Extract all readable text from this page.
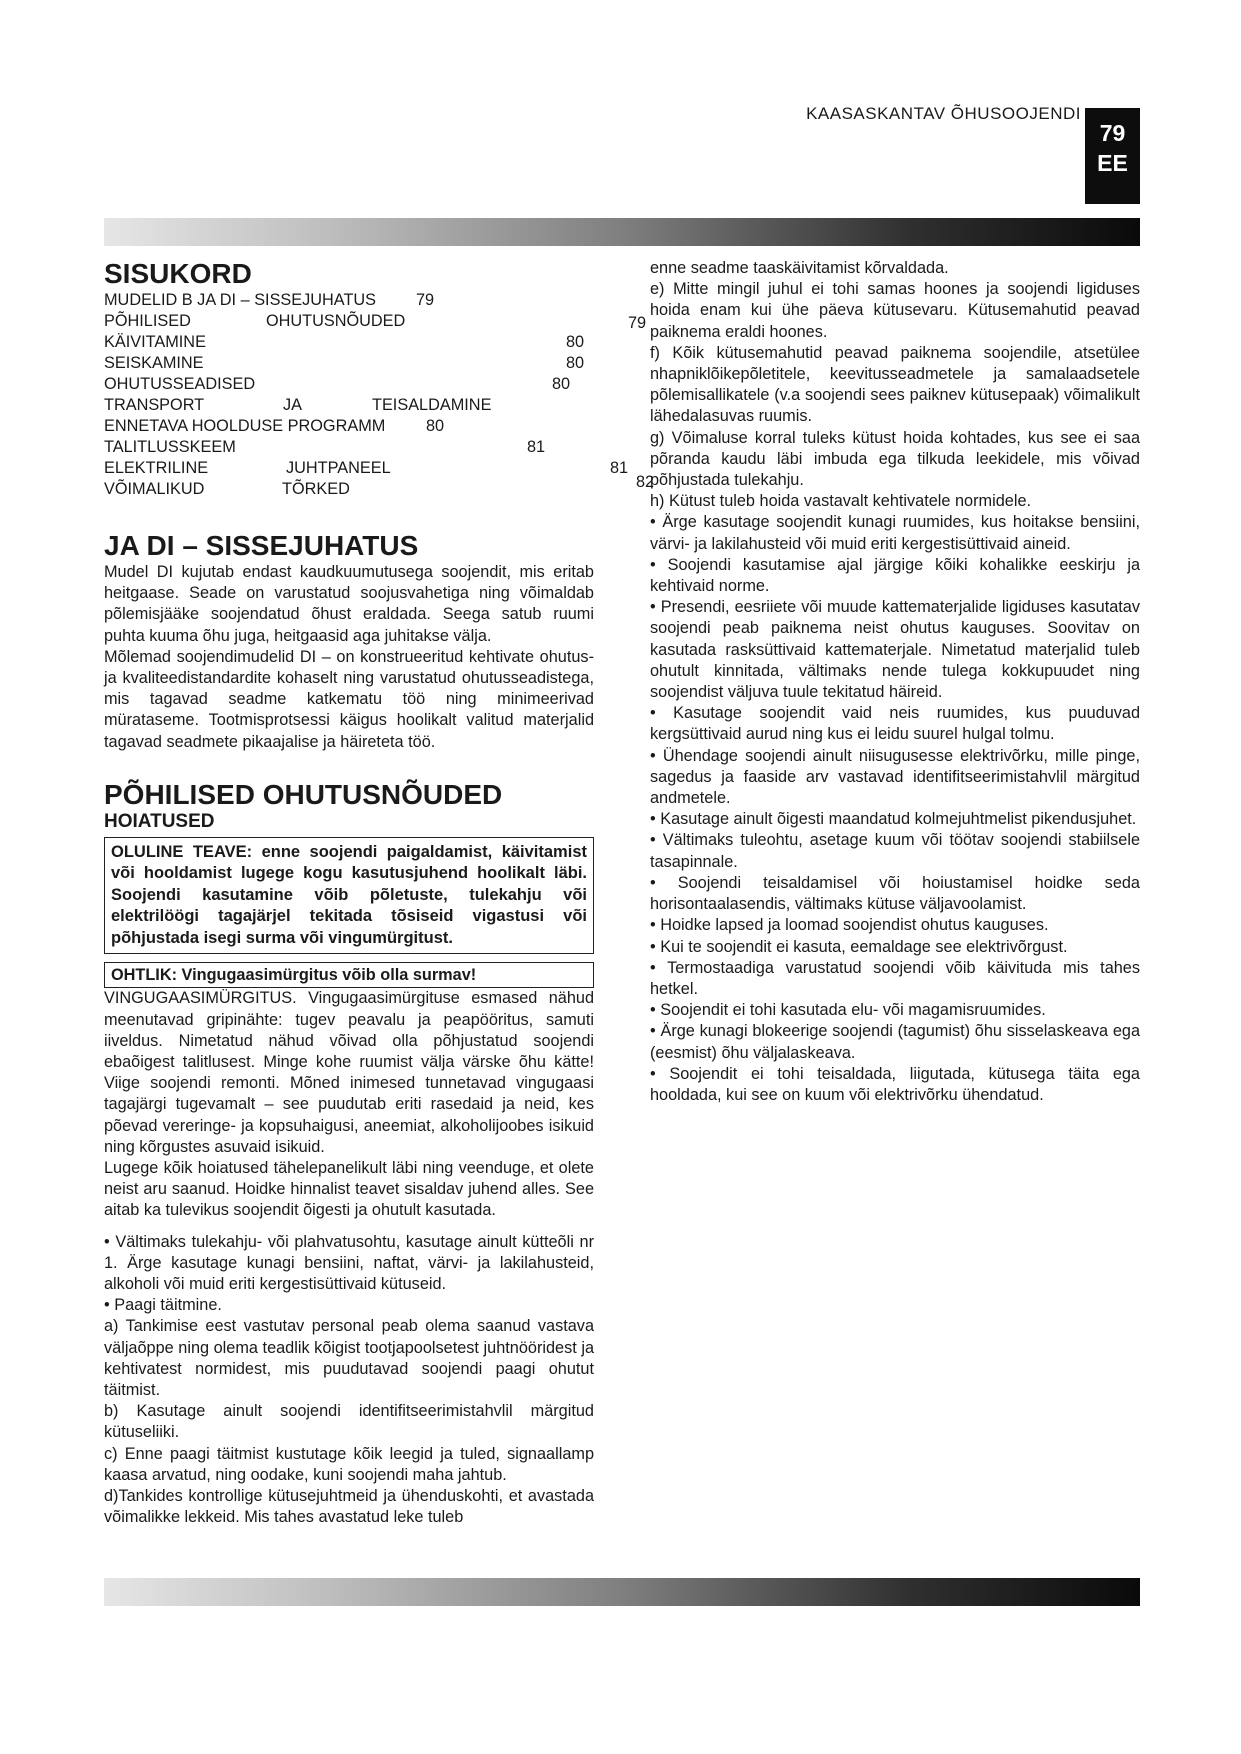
KAASASKANTAV ÕHUSOOJENDI
79
EE
SISUKORD
MUDELID B JA DI – SISSEJUHATUS 79
PÕHILISED	OHUTUSNÕUDED	79
KÄIVITAMINE	80
SEISKAMINE	80
OHUTUSSEADISED	80
TRANSPORT	JA	TEISALDAMINE
ENNETAVA HOOLDUSE PROGRAMM 80
TALITLUSSKEEM	81
ELEKTRILINE	JUHTPANEEL	81
VÕIMALIKUD	TÕRKED	82
JA DI – SISSEJUHATUS

Mudel DI kujutab endast kaudkuumutusega soojendit, mis eritab heitgaase. Seade on varustatud soojusvahetiga ning võimaldab põlemisjääke soojendatud õhust eraldada. Seega satub ruumi puhta kuuma õhu juga, heitgaasid aga juhitakse välja.

Mõlemad soojendimudelid DI – on konstrueeritud kehtivate ohutus- ja kvaliteedistandardite kohaselt ning varustatud ohutusseadistega, mis tagavad seadme katkematu töö ning minimeerivad mürataseme. Tootmisprotsessi käigus hoolikalt valitud materjalid tagavad seadmete pikaajalise ja häireteta töö.

PÕHILISED OHUTUSNÕUDED
HOIATUSED
OLULINE TEAVE: enne soojendi paigaldamist, käivitamist või hooldamist lugege kogu kasutusjuhend hoolikalt läbi. Soojendi kasutamine võib põletuste, tulekahju või elektrilöögi tagajärjel tekitada tõsiseid vigastusi või põhjustada isegi surma või vingumürgitust.
OHTLIK: Vingugaasimürgitus võib olla surmav!

VINGUGAASIMÜRGITUS. Vingugaasimürgituse esmased nähud meenutavad gripinähte: tugev peavalu ja peapööritus, samuti iiveldus. Nimetatud nähud võivad olla põhjustatud soojendi ebaõigest talitlusest. Minge kohe ruumist välja värske õhu kätte! Viige soojendi remonti. Mõned inimesed tunnetavad vingugaasi tagajärgi tugevamalt – see puudutab eriti rasedaid ja neid, kes põevad vereringe- ja kopsuhaigusi, aneemiat, alkoholijoobes isikuid ning kõrgustes asuvaid isikuid.

Lugege kõik hoiatused tähelepanelikult läbi ning veenduge, et olete neist aru saanud. Hoidke hinnalist teavet sisaldav juhend alles. See aitab ka tulevikus soojendit õigesti ja ohutult kasutada.

• Vältimaks tulekahju- või plahvatusohtu, kasutage ainult kütteõli nr 1. Ärge kasutage kunagi bensiini, naftat, värvi- ja lakilahusteid, alkoholi või muid eriti kergestisüttivaid kütuseid.

• Paagi täitmine.

a) Tankimise eest vastutav personal peab olema saanud vastava väljaõppe ning olema teadlik kõigist tootjapoolsetest juhtnööridest ja kehtivatest normidest, mis puudutavad soojendi paagi ohutut täitmist.

b) Kasutage ainult soojendi identifitseerimistahvlil märgitud kütuseliiki.

c) Enne paagi täitmist kustutage kõik leegid ja tuled, signaallamp kaasa arvatud, ning oodake, kuni soojendi maha jahtub.

d)Tankides kontrollige kütusejuhtmeid ja ühenduskohti, et avastada võimalikke lekkeid. Mis tahes avastatud leke tuleb

enne seadme taaskäivitamist kõrvaldada.

e) Mitte mingil juhul ei tohi samas hoones ja soojendi ligiduses hoida enam kui ühe päeva kütusevaru. Kütusemahutid peavad paiknema eraldi hoones.

f) Kõik kütusemahutid peavad paiknema soojendile, atsetülee nhapniklõikepõletitele, keevitusseadmetele ja samalaadsetele põlemisallikatele (v.a soojendi sees paiknev kütusepaak) võimalikult lähedalasuvas ruumis.

g) Võimaluse korral tuleks kütust hoida kohtades, kus see ei saa põranda kaudu läbi imbuda ega tilkuda leekidele, mis võivad põhjustada tulekahju.

h) Kütust tuleb hoida vastavalt kehtivatele normidele.

• Ärge kasutage soojendit kunagi ruumides, kus hoitakse bensiini, värvi- ja lakilahusteid või muid eriti kergestisüttivaid aineid.

• Soojendi kasutamise ajal järgige kõiki kohalikke eeskirju ja kehtivaid norme.

• Presendi, eesriiete või muude kattematerjalide ligiduses kasutatav soojendi peab paiknema neist ohutus kauguses. Soovitav on kasutada rasksüttivaid kattematerjale. Nimetatud materjalid tuleb ohutult kinnitada, vältimaks nende tulega kokkupuudet ning soojendist väljuva tuule tekitatud häireid.

• Kasutage soojendit vaid neis ruumides, kus puuduvad kergsüttivaid aurud ning kus ei leidu suurel hulgal tolmu.

• Ühendage soojendi ainult niisugusesse elektrivõrku, mille pinge, sagedus ja faaside arv vastavad identifitseerimistahvlil märgitud andmetele.

• Kasutage ainult õigesti maandatud kolmejuhtmelist pikendusjuhet.

• Vältimaks tuleohtu, asetage kuum või töötav soojendi stabiilsele tasapinnale.

• Soojendi teisaldamisel või hoiustamisel hoidke seda horisontaalasendis, vältimaks kütuse väljavoolamist.

• Hoidke lapsed ja loomad soojendist ohutus kauguses.

• Kui te soojendit ei kasuta, eemaldage see elektrivõrgust.

• Termostaadiga varustatud soojendi võib käivituda mis tahes hetkel.

• Soojendit ei tohi kasutada elu- või magamisruumides.

• Ärge kunagi blokeerige soojendi (tagumist) õhu sisselaskeava ega (eesmist) õhu väljalaskeava.

• Soojendit ei tohi teisaldada, liigutada, kütusega täita ega hooldada, kui see on kuum või elektrivõrku ühendatud.
